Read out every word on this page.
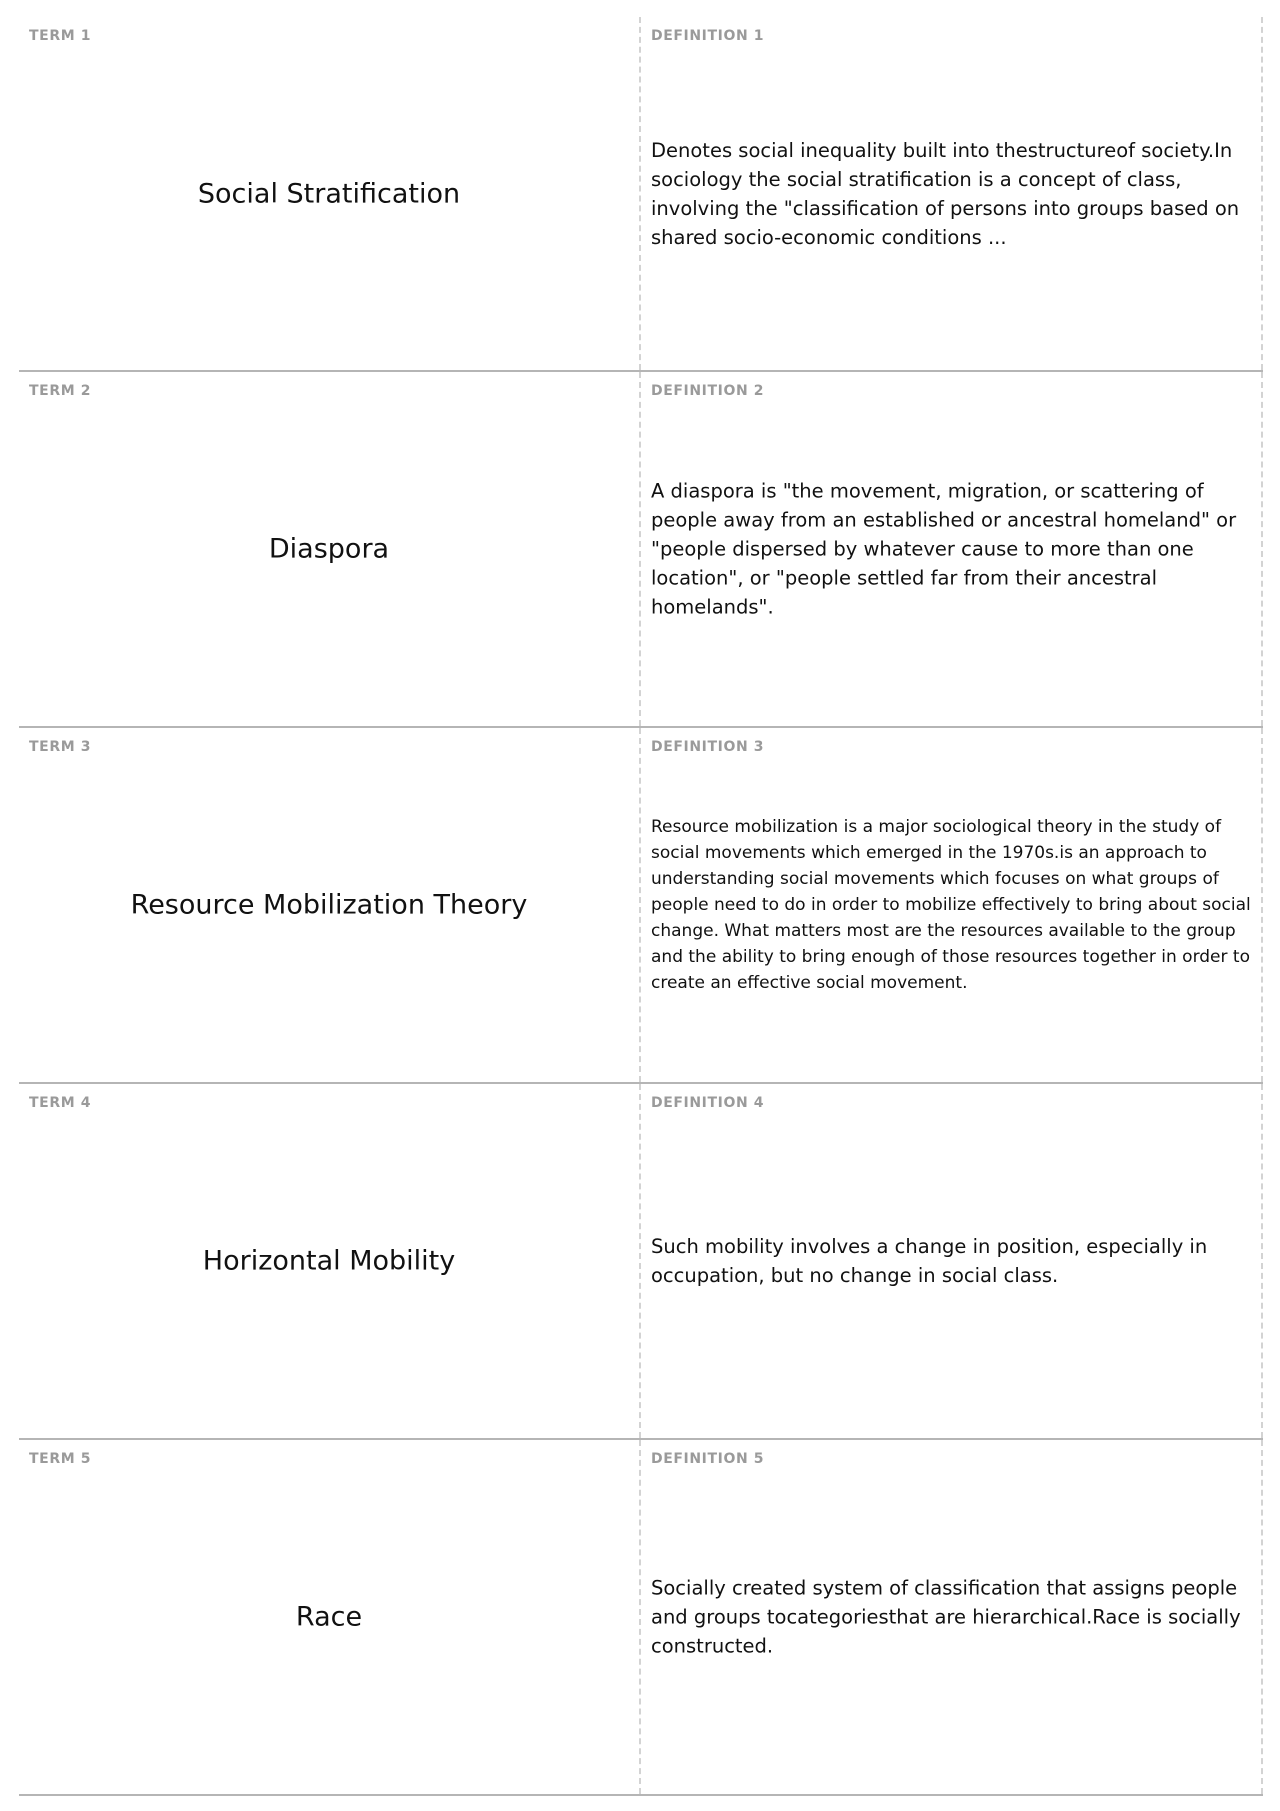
TERM 1
Social Stratification
DEFINITION 1
Denotes social inequality built into thestructureof society.In sociology the social stratification is a concept of class, involving the "classification of persons into groups based on shared socio-economic conditions ...
TERM 2
Diaspora
DEFINITION 2
A diaspora is "the movement, migration, or scattering of people away from an established or ancestral homeland" or "people dispersed by whatever cause to more than one location", or "people settled far from their ancestral homelands".
TERM 3
Resource Mobilization Theory
DEFINITION 3
Resource mobilization is a major sociological theory in the study of social movements which emerged in the 1970s.is an approach to understanding social movements which focuses on what groups of people need to do in order to mobilize effectively to bring about social change. What matters most are the resources available to the group and the ability to bring enough of those resources together in order to create an effective social movement.
TERM 4
Horizontal Mobility
DEFINITION 4
Such mobility involves a change in position, especially in occupation, but no change in social class.
TERM 5
Race
DEFINITION 5
Socially created system of classification that assigns people and groups tocategoriesthat are hierarchical.Race is socially constructed.
